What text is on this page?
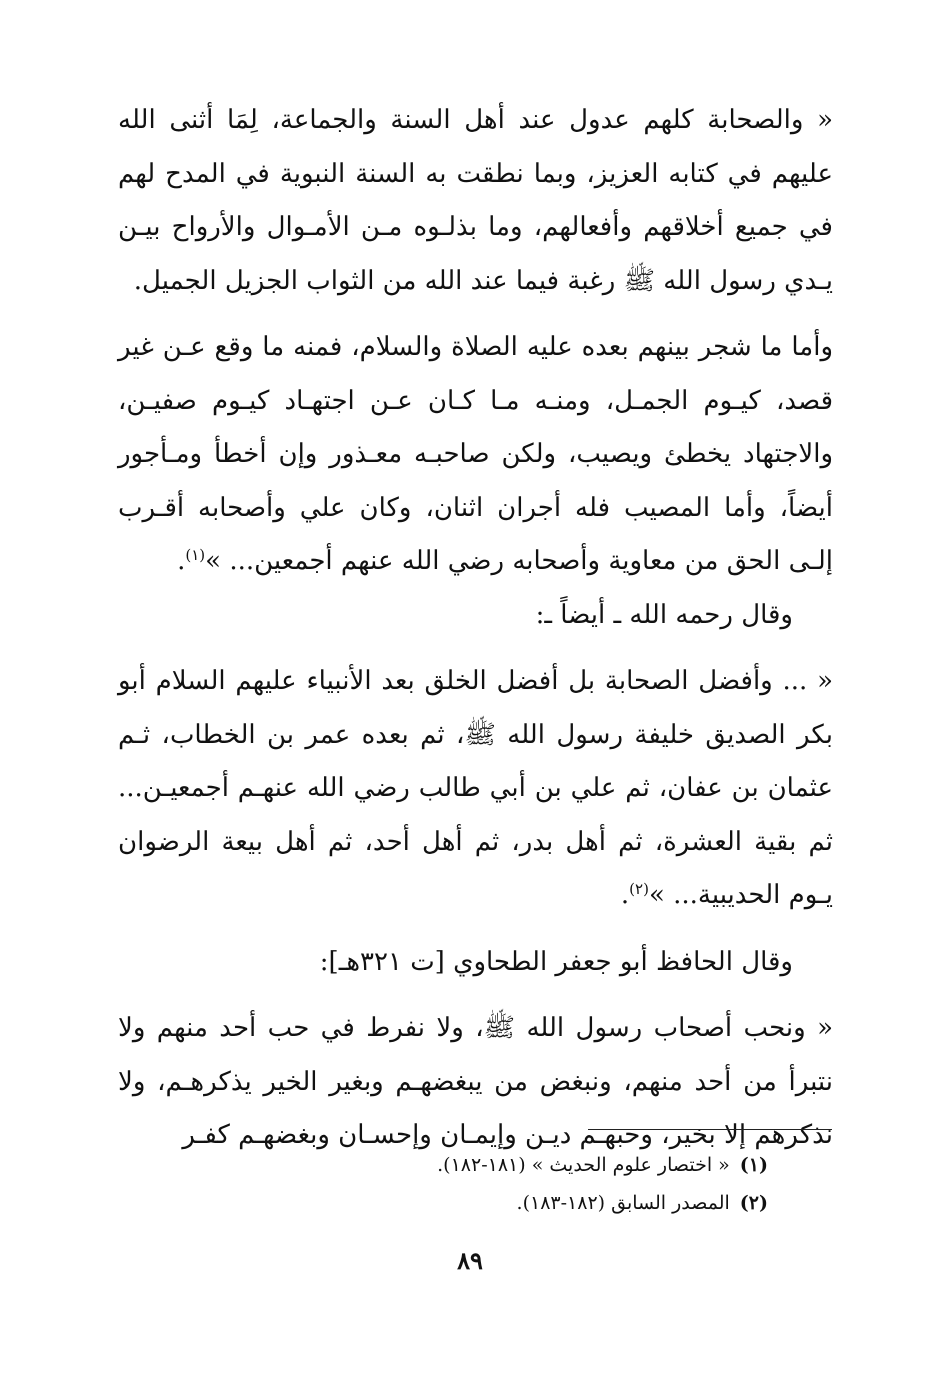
« والصحابة كلهم عدول عند أهل السنة والجماعة، لِمَا أثنى الله عليهم في كتابه العزيز، وبما نطقت به السنة النبوية في المدح لهم في جميع أخلاقهم وأفعالهم، وما بذلـوه مـن الأمـوال والأرواح بيـن يـدي رسول الله ﷺ رغبة فيما عند الله من الثواب الجزيل الجميل.

وأما ما شجر بينهم بعده عليه الصلاة والسلام، فمنه ما وقع عـن غير قصد، كيـوم الجمـل، ومنـه مـا كـان عـن اجتهـاد كيـوم صفيـن، والاجتهاد يخطئ ويصيب، ولكن صاحبـه معـذور وإن أخطأ ومـأجور أيضاً، وأما المصيب فله أجران اثنان، وكان علي وأصحابه أقـرب إلـى الحق من معاوية وأصحابه رضي الله عنهم أجمعين... »$^{(١)}$.

وقال رحمه الله ـ أيضاً ـ:

« ... وأفضل الصحابة بل أفضل الخلق بعد الأنبياء عليهم السلام أبو بكر الصديق خليفة رسول الله ﷺ، ثم بعده عمر بن الخطاب، ثـم عثمان بن عفان، ثم علي بن أبي طالب رضي الله عنهـم أجمعيـن... ثم بقية العشرة، ثم أهل بدر، ثم أهل أحد، ثم أهل بيعة الرضوان يـوم الحديبية... »$^{(٢)}$.

وقال الحافظ أبو جعفر الطحاوي [ت ٣٢١هـ]:

« ونحب أصحاب رسول الله ﷺ، ولا نفرط في حب أحد منهم ولا نتبرأ من أحد منهم، ونبغض من يبغضهـم وبغير الخير يذكرهـم، ولا نذكرهم إلا بخير، وحبهـم ديـن وإيمـان وإحسـان وبغضهـم كفـر

(١)« اختصار علوم الحديث » (١٨١-١٨٢).
(٢)المصدر السابق (١٨٢-١٨٣).
٨٩
